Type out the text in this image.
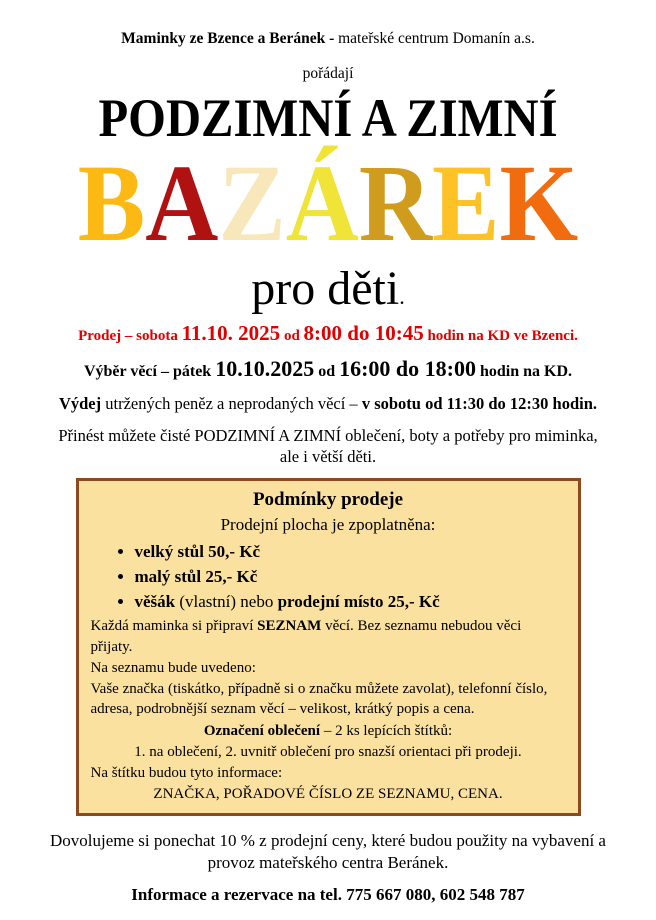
Maminky ze Bzence a Beránek - mateřské centrum Domanín a.s.

pořádají

PODZIMNÍ A ZIMNÍ
BAZÁREK
pro děti.

Prodej – sobota 11.10. 2025 od 8:00 do 10:45 hodin na KD ve Bzenci.

Výběr věcí – pátek 10.10.2025 od 16:00 do 18:00 hodin na KD.

Výdej utržených peněz a neprodaných věcí – v sobotu od 11:30 do 12:30 hodin.

Přinést můžete čisté PODZIMNÍ A ZIMNÍ oblečení, boty a potřeby pro miminka, ale i větší děti.

Podmínky prodeje

Prodejní plocha je zpoplatněna:

• velký stůl 50,- Kč
• malý stůl 25,- Kč
• věšák (vlastní) nebo prodejní místo 25,- Kč

Každá maminka si připraví SEZNAM věcí. Bez seznamu nebudou věci přijaty.

Na seznamu bude uvedeno:

Vaše značka (tiskátko, případně si o značku můžete zavolat), telefonní číslo, adresa, podrobnější seznam věcí – velikost, krátký popis a cena.

Označení oblečení – 2 ks lepících štítků:

1. na oblečení, 2. uvnitř oblečení pro snazší orientaci při prodeji.

Na štítku budou tyto informace:

ZNAČKA, POŘADOVÉ ČÍSLO ZE SEZNAMU, CENA.

Dovolujeme si ponechat 10 % z prodejní ceny, které budou použity na vybavení a provoz mateřského centra Beránek.

Informace a rezervace na tel. 775 667 080, 602 548 787
